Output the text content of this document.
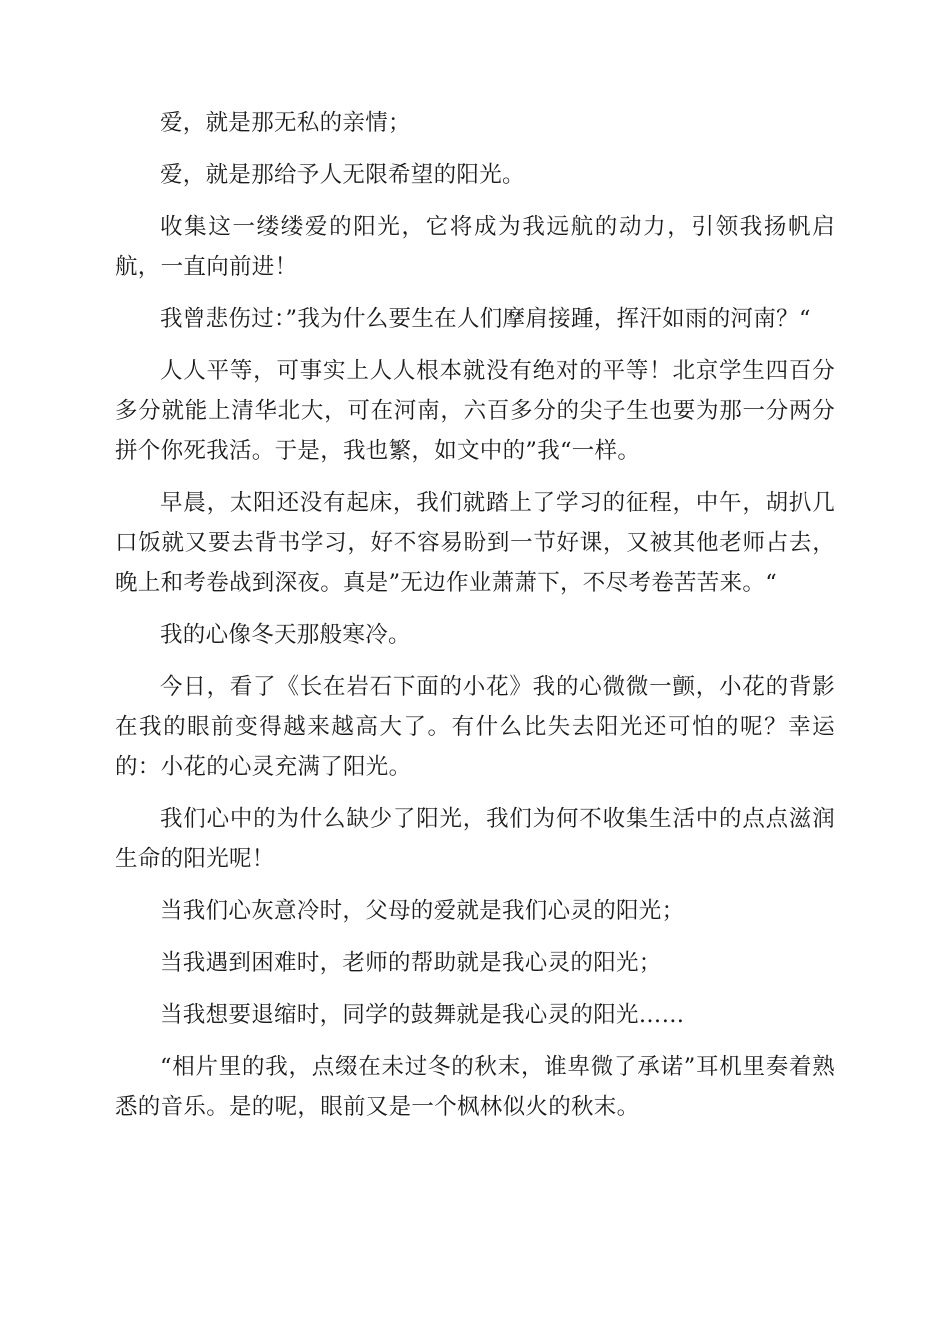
爱，就是那无私的亲情；

爱，就是那给予人无限希望的阳光。

收集这一缕缕爱的阳光，它将成为我远航的动力，引领我扬帆启航，一直向前进！

我曾悲伤过：”我为什么要生在人们摩肩接踵，挥汗如雨的河南？“

人人平等，可事实上人人根本就没有绝对的平等！北京学生四百分多分就能上清华北大，可在河南，六百多分的尖子生也要为那一分两分拼个你死我活。于是，我也繁，如文中的”我“一样。

早晨，太阳还没有起床，我们就踏上了学习的征程，中午，胡扒几口饭就又要去背书学习，好不容易盼到一节好课，又被其他老师占去，晚上和考卷战到深夜。真是”无边作业萧萧下，不尽考卷苦苦来。“

我的心像冬天那般寒冷。

今日，看了《长在岩石下面的小花》我的心微微一颤，小花的背影在我的眼前变得越来越高大了。有什么比失去阳光还可怕的呢？幸运的：小花的心灵充满了阳光。

我们心中的为什么缺少了阳光，我们为何不收集生活中的点点滋润生命的阳光呢！

当我们心灰意冷时，父母的爱就是我们心灵的阳光；

当我遇到困难时，老师的帮助就是我心灵的阳光；

当我想要退缩时，同学的鼓舞就是我心灵的阳光……

“相片里的我，点缀在未过冬的秋末，谁卑微了承诺”耳机里奏着熟悉的音乐。是的呢，眼前又是一个枫林似火的秋末。
